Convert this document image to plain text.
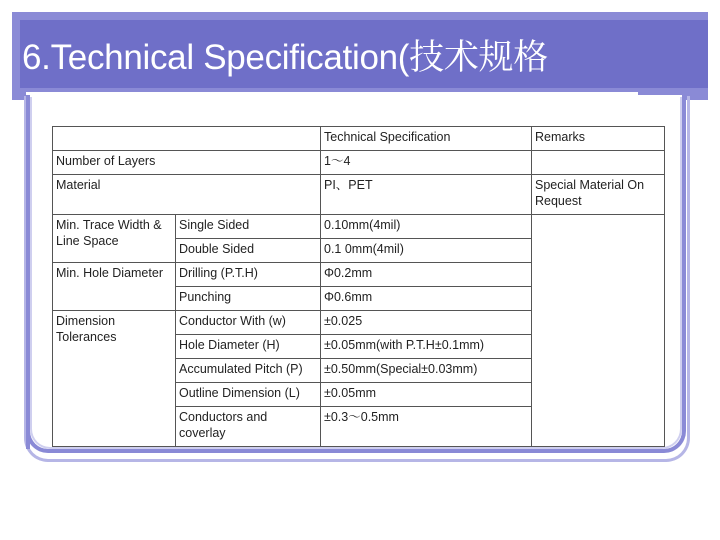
6.Technical Specification(技术规格
		Technical Specification	Remarks
Number of Layers		1～4	
Material		PI、PET	Special Material On Request
Min. Trace Width & Line Space	Single Sided	0.10mm(4mil)	
	Double Sided	0.1 0mm(4mil)	
Min. Hole Diameter	Drilling (P.T.H)	Φ0.2mm	
	Punching	Φ0.6mm	
Dimension Tolerances	Conductor With (w)	±0.025	
	Hole Diameter (H)	±0.05mm(with P.T.H±0.1mm)	
	Accumulated Pitch (P)	±0.50mm(Special±0.03mm)	
	Outline Dimension (L)	±0.05mm	
	Conductors and coverlay	±0.3～0.5mm	
